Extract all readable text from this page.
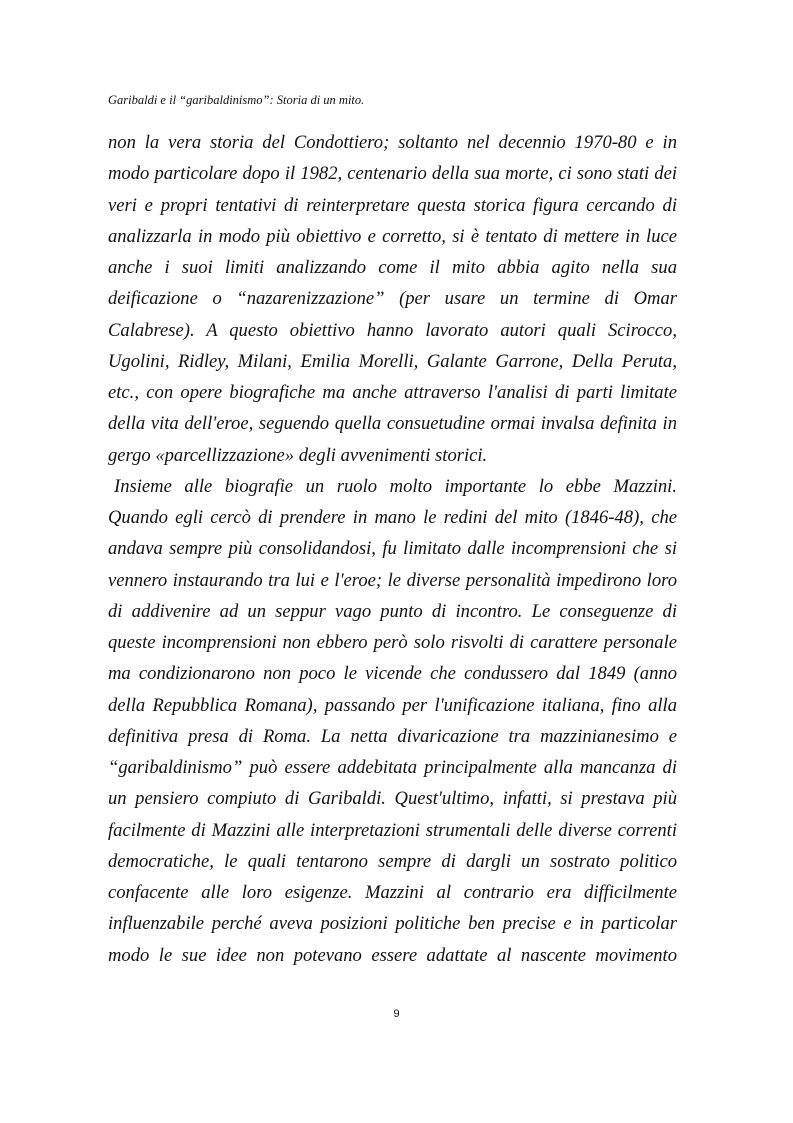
Garibaldi e il “garibaldinismo”: Storia di un mito.

non la vera storia del Condottiero; soltanto nel decennio 1970-80 e in
modo particolare dopo il 1982, centenario della sua morte, ci sono stati dei
veri e propri tentativi di reinterpretare questa storica figura cercando di
analizzarla in modo più obiettivo e corretto, si è tentato di mettere in luce
anche i suoi limiti analizzando come il mito abbia agito nella sua
deificazione o “nazarenizzazione” (per usare un termine di Omar
Calabrese). A questo obiettivo hanno lavorato autori quali Scirocco,
Ugolini, Ridley, Milani, Emilia Morelli, Galante Garrone, Della Peruta,
etc., con opere biografiche ma anche attraverso l'analisi di parti limitate
della vita dell'eroe, seguendo quella consuetudine ormai invalsa definita in
gergo «parcellizzazione» degli avvenimenti storici.
Insieme alle biografie un ruolo molto importante lo ebbe Mazzini.
Quando egli cercò di prendere in mano le redini del mito (1846-48), che
andava sempre più consolidandosi, fu limitato dalle incomprensioni che si
vennero instaurando tra lui e l'eroe; le diverse personalità impedirono loro
di addivenire ad un seppur vago punto di incontro. Le conseguenze di
queste incomprensioni non ebbero però solo risvolti di carattere personale
ma condizionarono non poco le vicende che condussero dal 1849 (anno
della Repubblica Romana), passando per l'unificazione italiana, fino alla
definitiva presa di Roma. La netta divaricazione tra mazzinianesimo e
“garibaldinismo” può essere addebitata principalmente alla mancanza di
un pensiero compiuto di Garibaldi. Quest'ultimo, infatti, si prestava più
facilmente di Mazzini alle interpretazioni strumentali delle diverse correnti
democratiche, le quali tentarono sempre di dargli un sostrato politico
confacente alle loro esigenze. Mazzini al contrario era difficilmente
influenzabile perché aveva posizioni politiche ben precise e in particolar
modo le sue idee non potevano essere adattate al nascente movimento

9
